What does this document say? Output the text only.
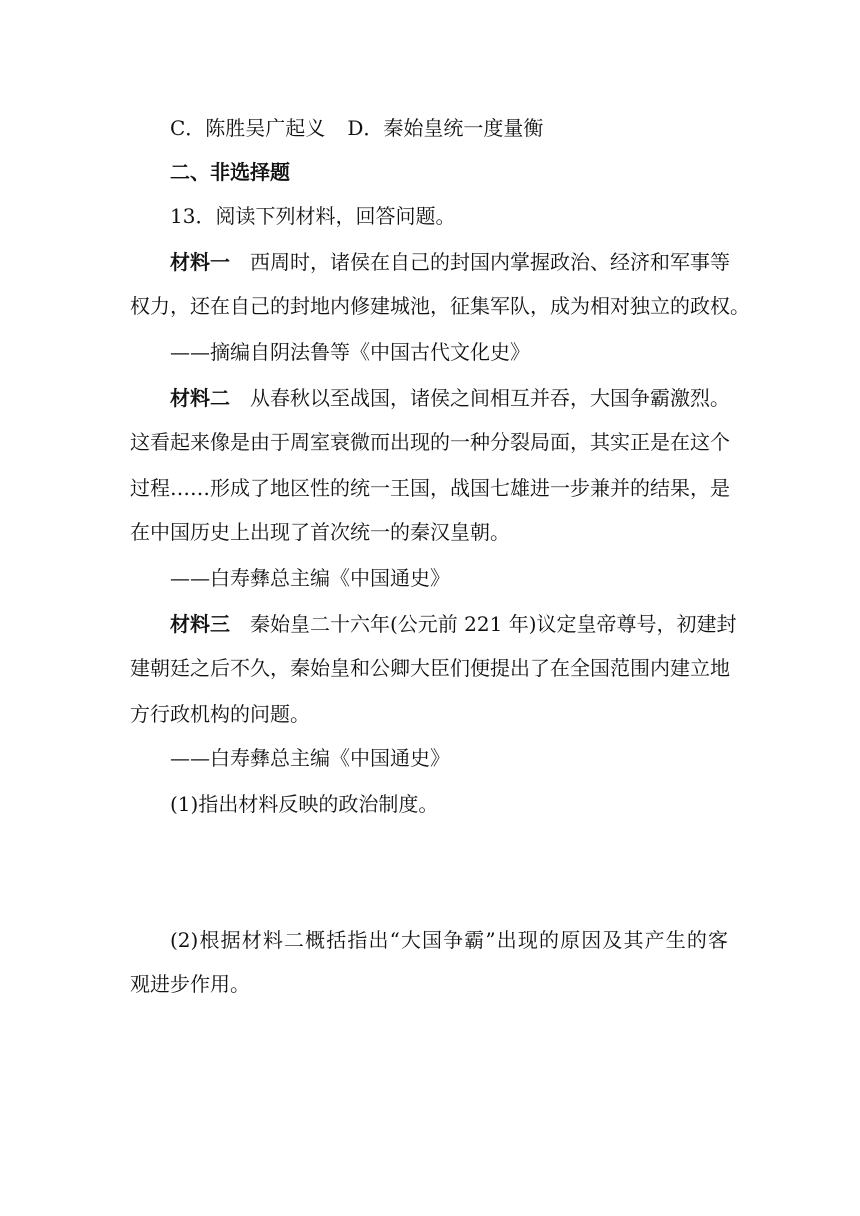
C．陈胜吴广起义 D．秦始皇统一度量衡
二、非选择题
13．阅读下列材料，回答问题。
材料一 西周时，诸侯在自己的封国内掌握政治、经济和军事等
权力，还在自己的封地内修建城池，征集军队，成为相对独立的政权。
——摘编自阴法鲁等《中国古代文化史》
材料二 从春秋以至战国，诸侯之间相互并吞，大国争霸激烈。
这看起来像是由于周室衰微而出现的一种分裂局面，其实正是在这个
过程……形成了地区性的统一王国，战国七雄进一步兼并的结果，是
在中国历史上出现了首次统一的秦汉皇朝。
——白寿彝总主编《中国通史》
材料三 秦始皇二十六年(公元前 221 年)议定皇帝尊号，初建封
建朝廷之后不久，秦始皇和公卿大臣们便提出了在全国范围内建立地
方行政机构的问题。
——白寿彝总主编《中国通史》
(1)指出材料反映的政治制度。
(2)根据材料二概括指出“大国争霸”出现的原因及其产生的客
观进步作用。
